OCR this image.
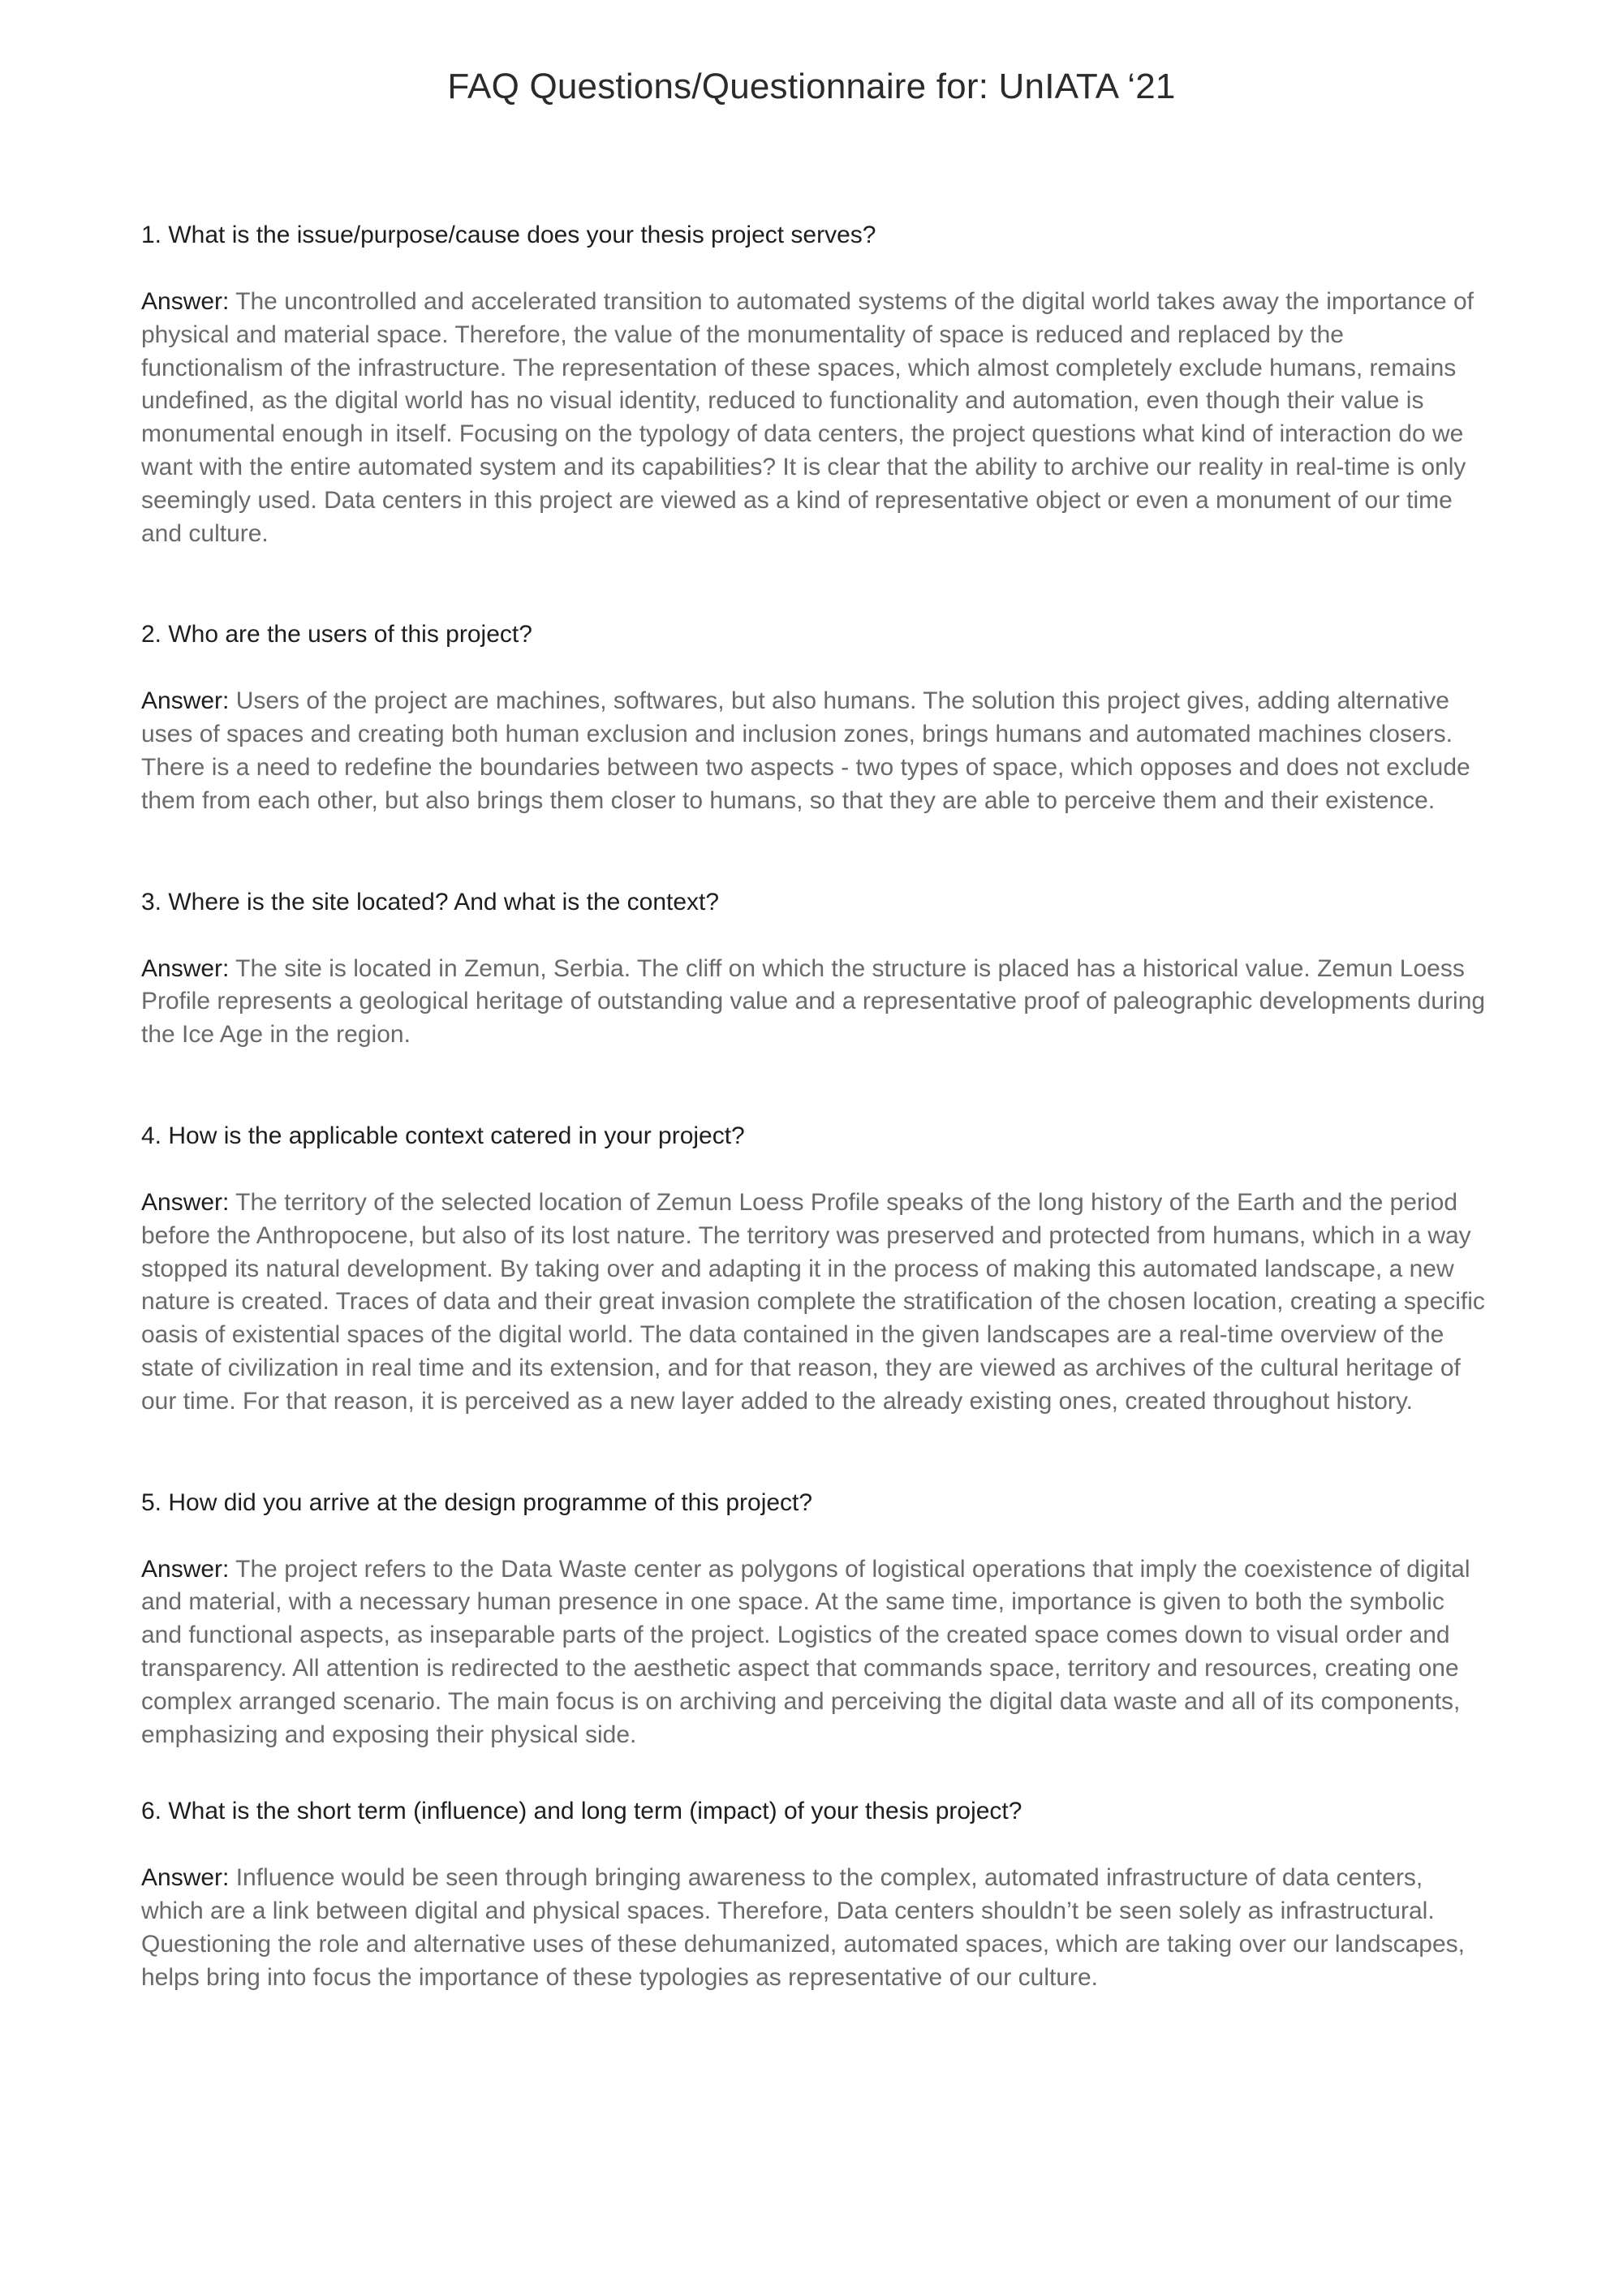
FAQ Questions/Questionnaire for: UnIATA ‘21

1. What is the issue/purpose/cause does your thesis project serves?

Answer: The uncontrolled and accelerated transition to automated systems of the digital world takes away the importance of physical and material space. Therefore, the value of the monumentality of space is reduced and replaced by the functionalism of the infrastructure. The representation of these spaces, which almost completely exclude humans, remains undefined, as the digital world has no visual identity, reduced to functionality and automation, even though their value is monumental enough in itself. Focusing on the typology of data centers, the project questions what kind of interaction do we want with the entire automated system and its capabilities? It is clear that the ability to archive our reality in real-time is only seemingly used. Data centers in this project are viewed as a kind of representative object or even a monument of our time and culture.

2. Who are the users of this project?

Answer: Users of the project are machines, softwares, but also humans. The solution this project gives, adding alternative uses of spaces and creating both human exclusion and inclusion zones, brings humans and automated machines closers. There is a need to redefine the boundaries between two aspects - two types of space, which opposes and does not exclude them from each other, but also brings them closer to humans, so that they are able to perceive them and their existence.

3. Where is the site located? And what is the context?

Answer: The site is located in Zemun, Serbia. The cliff on which the structure is placed has a historical value. Zemun Loess Profile represents a geological heritage of outstanding value and a representative proof of paleographic developments during the Ice Age in the region.

4. How is the applicable context catered in your project?

Answer: The territory of the selected location of Zemun Loess Profile speaks of the long history of the Earth and the period before the Anthropocene, but also of its lost nature. The territory was preserved and protected from humans, which in a way stopped its natural development. By taking over and adapting it in the process of making this automated landscape, a new nature is created. Traces of data and their great invasion complete the stratification of the chosen location, creating a specific oasis of existential spaces of the digital world. The data contained in the given landscapes are a real-time overview of the state of civilization in real time and its extension, and for that reason, they are viewed as archives of the cultural heritage of our time. For that reason, it is perceived as a new layer added to the already existing ones, created throughout history.

5. How did you arrive at the design programme of this project?

Answer: The project refers to the Data Waste center as polygons of logistical operations that imply the coexistence of digital and material, with a necessary human presence in one space. At the same time, importance is given to both the symbolic and functional aspects, as inseparable parts of the project. Logistics of the created space comes down to visual order and transparency. All attention is redirected to the aesthetic aspect that commands space, territory and resources, creating one complex arranged scenario. The main focus is on archiving and perceiving the digital data waste and all of its components, emphasizing and exposing their physical side.

6. What is the short term (influence) and long term (impact) of your thesis project?

Answer: Influence would be seen through bringing awareness to the complex, automated infrastructure of data centers, which are a link between digital and physical spaces. Therefore, Data centers shouldn’t be seen solely as infrastructural. Questioning the role and alternative uses of these dehumanized, automated spaces, which are taking over our landscapes, helps bring into focus the importance of these typologies as representative of our culture.
